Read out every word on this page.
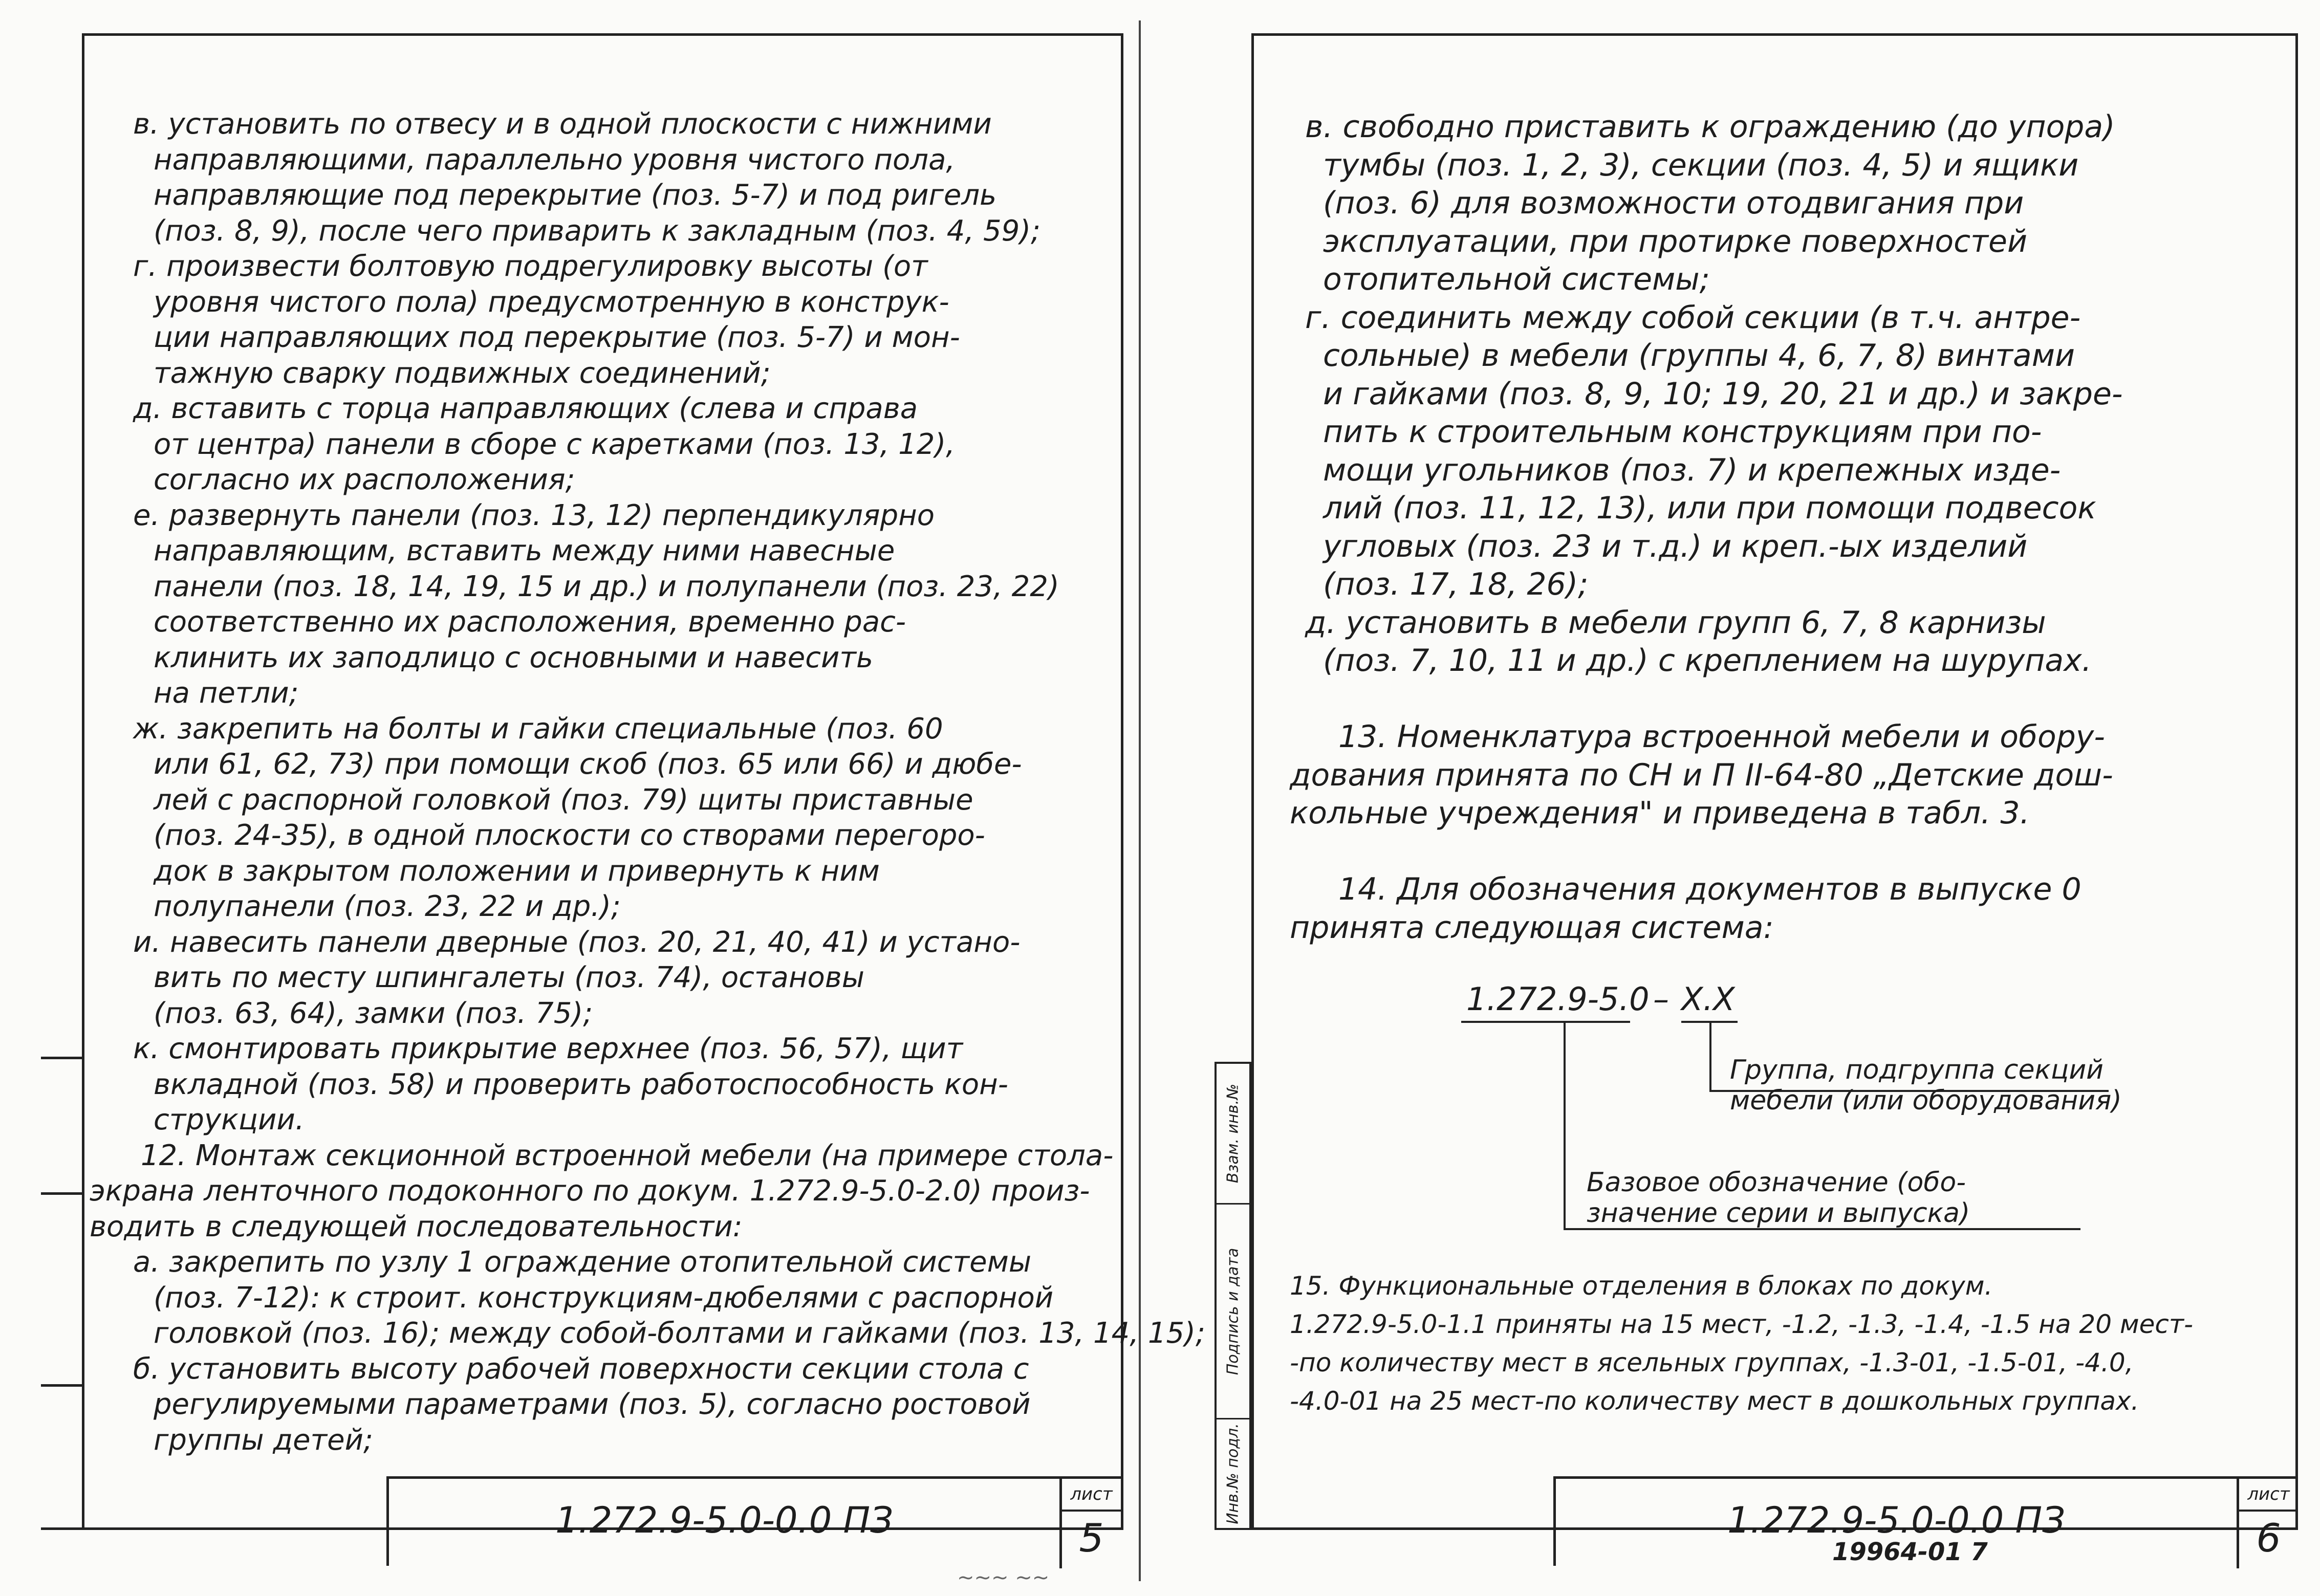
в. установить по отвесу и в одной плоскости с нижними
направляющими, параллельно уровня чистого пола,
направляющие под перекрытие (поз. 5-7) и под ригель
(поз. 8, 9), после чего приварить к закладным (поз. 4, 59);
г. произвести болтовую подрегулировку высоты (от
уровня чистого пола) предусмотренную в конструк-
ции направляющих под перекрытие (поз. 5-7) и мон-
тажную сварку подвижных соединений;
д. вставить с торца направляющих (слева и справа
от центра) панели в сборе с каретками (поз. 13, 12),
согласно их расположения;
е. развернуть панели (поз. 13, 12) перпендикулярно
направляющим, вставить между ними навесные
панели (поз. 18, 14, 19, 15 и др.) и полупанели (поз. 23, 22)
соответственно их расположения, временно рас-
клинить их заподлицо с основными и навесить
на петли;
ж. закрепить на болты и гайки специальные (поз. 60
или 61, 62, 73) при помощи скоб (поз. 65 или 66) и дюбе-
лей с распорной головкой (поз. 79) щиты приставные
(поз. 24-35), в одной плоскости со створами перегоро-
док в закрытом положении и привернуть к ним
полупанели (поз. 23, 22 и др.);
и. навесить панели дверные (поз. 20, 21, 40, 41) и устано-
вить по месту шпингалеты (поз. 74), остановы
(поз. 63, 64), замки (поз. 75);
к. смонтировать прикрытие верхнее (поз. 56, 57), щит
вкладной (поз. 58) и проверить работоспособность кон-
струкции.
12. Монтаж секционной встроенной мебели (на примере стола-
экрана ленточного подоконного по докум. 1.272.9-5.0-2.0) произ-
водить в следующей последовательности:
а. закрепить по узлу 1 ограждение отопительной системы
(поз. 7-12): к строит. конструкциям-дюбелями с распорной
головкой (поз. 16); между собой-болтами и гайками (поз. 13, 14, 15);
б. установить высоту рабочей поверхности секции стола с
регулируемыми параметрами (поз. 5), согласно ростовой
группы детей;
1.272.9-5.0-0.0 ПЗ
лист
5
~~~ ~~
в. свободно приставить к ограждению (до упора)
тумбы (поз. 1, 2, 3), секции (поз. 4, 5) и ящики
(поз. 6) для возможности отодвигания при
эксплуатации, при протирке поверхностей
отопительной системы;
г. соединить между собой секции (в т.ч. антре-
сольные) в мебели (группы 4, 6, 7, 8) винтами
и гайками (поз. 8, 9, 10; 19, 20, 21 и др.) и закре-
пить к строительным конструкциям при по-
мощи угольников (поз. 7) и крепежных изде-
лий (поз. 11, 12, 13), или при помощи подвесок
угловых (поз. 23 и т.д.) и креп.-ых изделий
(поз. 17, 18, 26);
д. установить в мебели групп 6, 7, 8 карнизы
(поз. 7, 10, 11 и др.) с креплением на шурупах.
13. Номенклатура встроенной мебели и обору-
дования принята по СН и П II-64-80 „Детские дош-
кольные учреждения" и приведена в табл. 3.
14. Для обозначения документов в выпуске 0
принята следующая система:
1.272.9-5.0 – X.X
Группа, подгруппа секций
мебели (или оборудования)
Базовое обозначение (обо-
значение серии и выпуска)
15. Функциональные отделения в блоках по докум.
1.272.9-5.0-1.1 приняты на 15 мест, -1.2, -1.3, -1.4, -1.5 на 20 мест-
-по количеству мест в ясельных группах, -1.3-01, -1.5-01, -4.0,
-4.0-01 на 25 мест-по количеству мест в дошкольных группах.
Взам. инв.№
Подпись и дата
Инв.№ подл.	1.272.9-5.0-0.0 ПЗ
лист
6
19964-01 7
